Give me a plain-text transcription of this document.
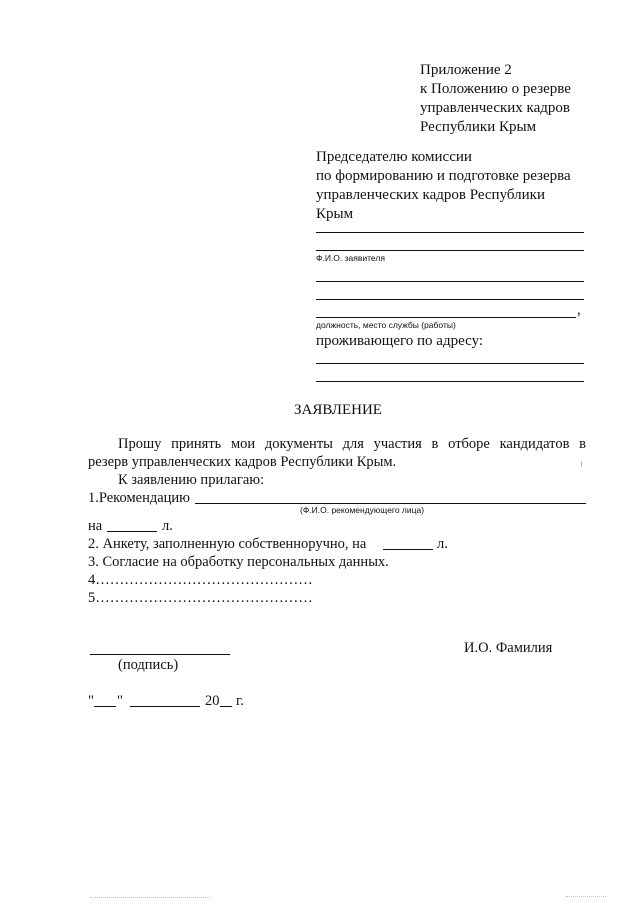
Приложение 2
к Положению о резерве
управленческих кадров
Республики Крым
Председателю комиссии
по формированию и подготовке резерва
управленческих кадров Республики
Крым
Ф.И.О. заявителя
,
должность, место службы (работы)
проживающего по адресу:
ЗАЯВЛЕНИЕ
Прошу принять мои документы для участия в отборе кандидатов в
резерв управленческих кадров Республики Крым.
К заявлению прилагаю:
1.Рекомендацию
(Ф.И.О. рекомендующего лица)
на	л.
2. Анкету, заполненную собственноручно, на	л.
3. Согласие на обработку персональных данных.
4………………………………………
5………………………………………
(подпись)
И.О. Фамилия
" "	20 г.
